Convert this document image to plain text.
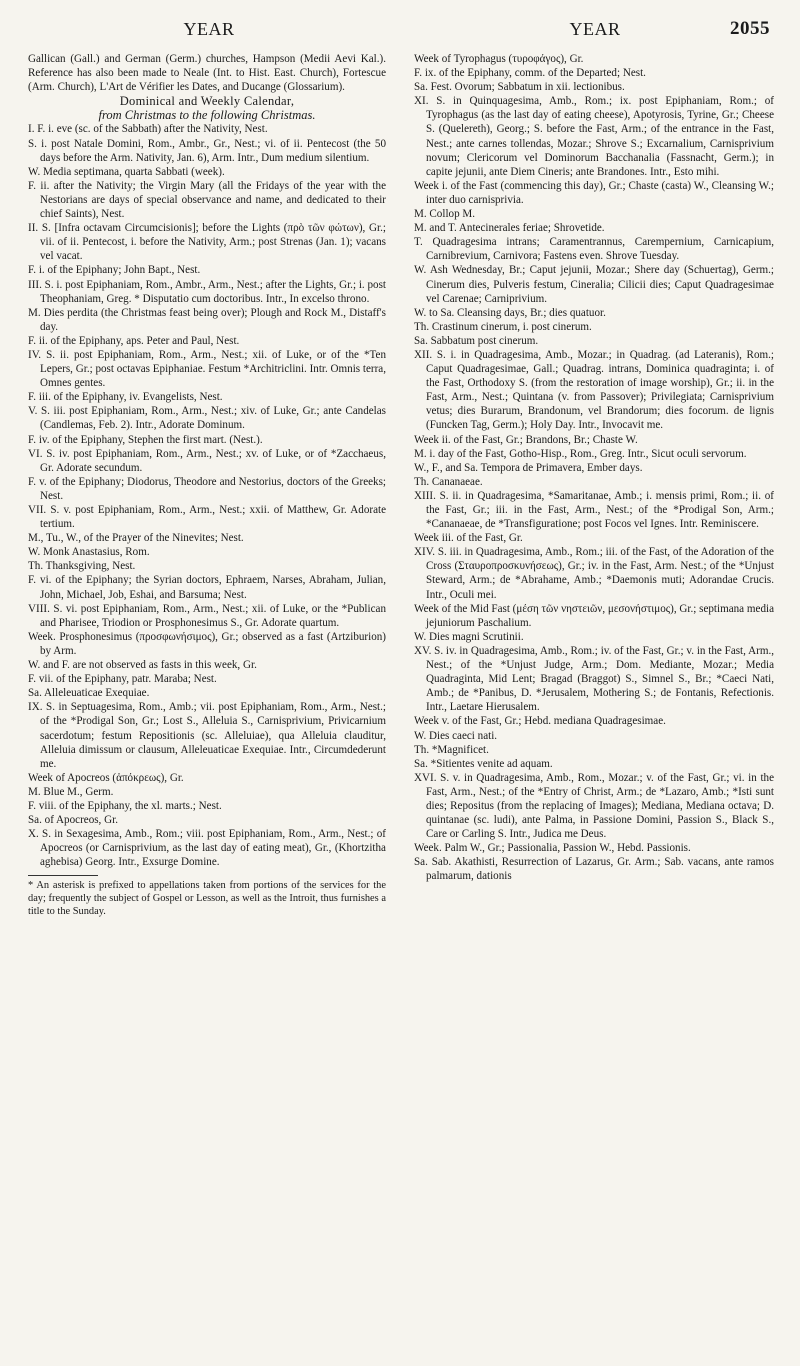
YEAR	YEAR	2055

Gallican (Gall.) and German (Germ.) churches, Hampson (Medii Aevi Kal.). Reference has also been made to Neale (Int. to Hist. East. Church), Fortescue (Arm. Church), L'Art de Vérifier les Dates, and Ducange (Glossarium).

Dominical and Weekly Calendar,

from Christmas to the following Christmas.

I. F. i. eve (sc. of the Sabbath) after the Nativity, Nest.

S. i. post Natale Domini, Rom., Ambr., Gr., Nest.; vi. of ii. Pentecost (the 50 days before the Arm. Nativity, Jan. 6), Arm. Intr., Dum medium silentium.

W. Media septimana, quarta Sabbati (week).

F. ii. after the Nativity; the Virgin Mary (all the Fridays of the year with the Nestorians are days of special observance and name, and dedicated to their chief Saints), Nest.

II. S. [Infra octavam Circumcisionis]; before the Lights (πρὸ τῶν φώτων), Gr.; vii. of ii. Pentecost, i. before the Nativity, Arm.; post Strenas (Jan. 1); vacans vel vacat.

F. i. of the Epiphany; John Bapt., Nest.

III. S. i. post Epiphaniam, Rom., Ambr., Arm., Nest.; after the Lights, Gr.; i. post Theophaniam, Greg. * Disputatio cum doctoribus. Intr., In excelso throno.

M. Dies perdita (the Christmas feast being over); Plough and Rock M., Distaff's day.

F. ii. of the Epiphany, aps. Peter and Paul, Nest.

IV. S. ii. post Epiphaniam, Rom., Arm., Nest.; xii. of Luke, or of the *Ten Lepers, Gr.; post octavas Epiphaniae. Festum *Architriclini. Intr. Omnis terra, Omnes gentes.

F. iii. of the Epiphany, iv. Evangelists, Nest.

V. S. iii. post Epiphaniam, Rom., Arm., Nest.; xiv. of Luke, Gr.; ante Candelas (Candlemas, Feb. 2). Intr., Adorate Dominum.

F. iv. of the Epiphany, Stephen the first mart. (Nest.).

VI. S. iv. post Epiphaniam, Rom., Arm., Nest.; xv. of Luke, or of *Zacchaeus, Gr. Adorate secundum.

F. v. of the Epiphany; Diodorus, Theodore and Nestorius, doctors of the Greeks; Nest.

VII. S. v. post Epiphaniam, Rom., Arm., Nest.; xxii. of Matthew, Gr. Adorate tertium.

M., Tu., W., of the Prayer of the Ninevites; Nest.

W. Monk Anastasius, Rom.

Th. Thanksgiving, Nest.

F. vi. of the Epiphany; the Syrian doctors, Ephraem, Narses, Abraham, Julian, John, Michael, Job, Eshai, and Barsuma; Nest.

VIII. S. vi. post Epiphaniam, Rom., Arm., Nest.; xii. of Luke, or the *Publican and Pharisee, Triodion or Prosphonesimus S., Gr. Adorate quartum.

Week. Prosphonesimus (προσφωνήσιμος), Gr.; observed as a fast (Artziburion) by Arm.

W. and F. are not observed as fasts in this week, Gr.

F. vii. of the Epiphany, patr. Maraba; Nest.

Sa. Alleleuaticae Exequiae.

IX. S. in Septuagesima, Rom., Amb.; vii. post Epiphaniam, Rom., Arm., Nest.; of the *Prodigal Son, Gr.; Lost S., Alleluia S., Carnisprivium, Privicarnium sacerdotum; festum Repositionis (sc. Alleluiae), qua Alleluia clauditur, Alleluia dimissum or clausum, Alleleuaticae Exequiae. Intr., Circumdederunt me.

Week of Apocreos (ἀπόκρεως), Gr.

M. Blue M., Germ.

F. viii. of the Epiphany, the xl. marts.; Nest.

Sa. of Apocreos, Gr.

X. S. in Sexagesima, Amb., Rom.; viii. post Epiphaniam, Rom., Arm., Nest.; of Apocreos (or Carnisprivium, as the last day of eating meat), Gr., (Khortzitha aghebisa) Georg. Intr., Exsurge Domine.

* An asterisk is prefixed to appellations taken from portions of the services for the day; frequently the subject of Gospel or Lesson, as well as the Introit, thus furnishes a title to the Sunday.

Week of Tyrophagus (τυροφάγος), Gr.

F. ix. of the Epiphany, comm. of the Departed; Nest.

Sa. Fest. Ovorum; Sabbatum in xii. lectionibus.

XI. S. in Quinquagesima, Amb., Rom.; ix. post Epiphaniam, Rom.; of Tyrophagus (as the last day of eating cheese), Apotyrosis, Tyrine, Gr.; Cheese S. (Quelereth), Georg.; S. before the Fast, Arm.; of the entrance in the Fast, Nest.; ante carnes tollendas, Mozar.; Shrove S.; Excarnalium, Carnisprivium novum; Clericorum vel Dominorum Bacchanalia (Fassnacht, Germ.); in capite jejunii, ante Diem Cineris; ante Brandones. Intr., Esto mihi.

Week i. of the Fast (commencing this day), Gr.; Chaste (casta) W., Cleansing W.; inter duo carnisprivia.

M. Collop M.

M. and T. Antecinerales feriae; Shrovetide.

T. Quadragesima intrans; Caramentrannus, Carempernium, Carnicapium, Carnibrevium, Carnivora; Fastens even. Shrove Tuesday.

W. Ash Wednesday, Br.; Caput jejunii, Mozar.; Shere day (Schuertag), Germ.; Cinerum dies, Pulveris festum, Cineralia; Cilicii dies; Caput Quadragesimae vel Carenae; Carniprivium.

W. to Sa. Cleansing days, Br.; dies quatuor.

Th. Crastinum cinerum, i. post cinerum.

Sa. Sabbatum post cinerum.

XII. S. i. in Quadragesima, Amb., Mozar.; in Quadrag. (ad Lateranis), Rom.; Caput Quadragesimae, Gall.; Quadrag. intrans, Dominica quadraginta; i. of the Fast, Orthodoxy S. (from the restoration of image worship), Gr.; ii. in the Fast, Arm., Nest.; Quintana (v. from Passover); Privilegiata; Carnisprivium vetus; dies Burarum, Brandonum, vel Brandorum; dies focorum. de lignis (Funcken Tag, Germ.); Holy Day. Intr., Invocavit me.

Week ii. of the Fast, Gr.; Brandons, Br.; Chaste W.

M. i. day of the Fast, Gotho-Hisp., Rom., Greg. Intr., Sicut oculi servorum.

W., F., and Sa. Tempora de Primavera, Ember days.

Th. Cananaeae.

XIII. S. ii. in Quadragesima, *Samaritanae, Amb.; i. mensis primi, Rom.; ii. of the Fast, Gr.; iii. in the Fast, Arm., Nest.; of the *Prodigal Son, Arm.; *Cananaeae, de *Transfiguratione; post Focos vel Ignes. Intr. Reminiscere.

Week iii. of the Fast, Gr.

XIV. S. iii. in Quadragesima, Amb., Rom.; iii. of the Fast, of the Adoration of the Cross (Σταυροπροσκυνήσεως), Gr.; iv. in the Fast, Arm. Nest.; of the *Unjust Steward, Arm.; de *Abrahame, Amb.; *Daemonis muti; Adorandae Crucis. Intr., Oculi mei.

Week of the Mid Fast (μέση τῶν νηστειῶν, μεσονήστιμος), Gr.; septimana media jejuniorum Paschalium.

W. Dies magni Scrutinii.

XV. S. iv. in Quadragesima, Amb., Rom.; iv. of the Fast, Gr.; v. in the Fast, Arm., Nest.; of the *Unjust Judge, Arm.; Dom. Mediante, Mozar.; Media Quadraginta, Mid Lent; Bragad (Braggot) S., Simnel S., Br.; *Caeci Nati, Amb.; de *Panibus, D. *Jerusalem, Mothering S.; de Fontanis, Refectionis. Intr., Laetare Hierusalem.

Week v. of the Fast, Gr.; Hebd. mediana Quadragesimae.

W. Dies caeci nati.

Th. *Magnificet.

Sa. *Sitientes venite ad aquam.

XVI. S. v. in Quadragesima, Amb., Rom., Mozar.; v. of the Fast, Gr.; vi. in the Fast, Arm., Nest.; of the *Entry of Christ, Arm.; de *Lazaro, Amb.; *Isti sunt dies; Repositus (from the replacing of Images); Mediana, Mediana octava; D. quintanae (sc. ludi), ante Palma, in Passione Domini, Passion S., Black S., Care or Carling S. Intr., Judica me Deus.

Week. Palm W., Gr.; Passionalia, Passion W., Hebd. Passionis.

Sa. Sab. Akathisti, Resurrection of Lazarus, Gr. Arm.; Sab. vacans, ante ramos palmarum, dationis
